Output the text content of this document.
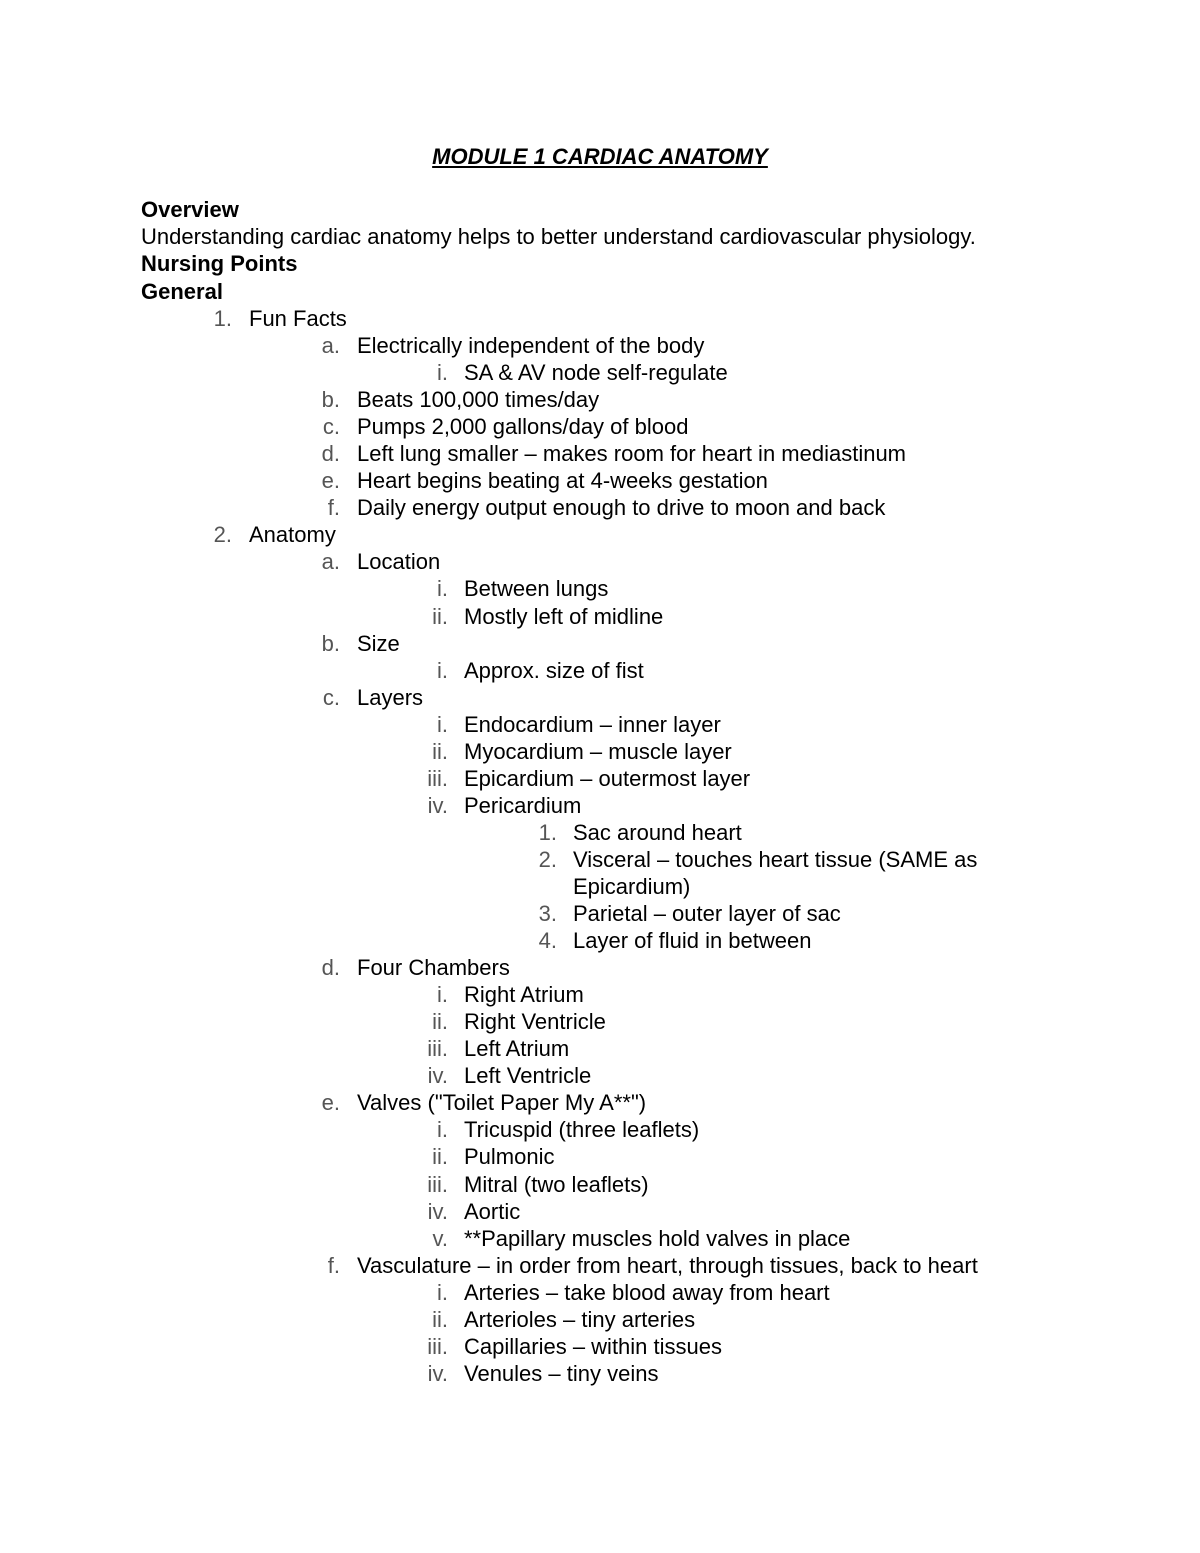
MODULE 1 CARDIAC ANATOMY
Overview
Understanding cardiac anatomy helps to better understand cardiovascular physiology.
Nursing Points
General
1. Fun Facts
a. Electrically independent of the body
i. SA & AV node self-regulate
b. Beats 100,000 times/day
c. Pumps 2,000 gallons/day of blood
d. Left lung smaller – makes room for heart in mediastinum
e. Heart begins beating at 4-weeks gestation
f. Daily energy output enough to drive to moon and back
2. Anatomy
a. Location
i. Between lungs
ii. Mostly left of midline
b. Size
i. Approx. size of fist
c. Layers
i. Endocardium – inner layer
ii. Myocardium – muscle layer
iii. Epicardium – outermost layer
iv. Pericardium
1. Sac around heart
2. Visceral – touches heart tissue (SAME as
Epicardium)
3. Parietal – outer layer of sac
4. Layer of fluid in between
d. Four Chambers
i. Right Atrium
ii. Right Ventricle
iii. Left Atrium
iv. Left Ventricle
e. Valves ("Toilet Paper My A**")
i. Tricuspid (three leaflets)
ii. Pulmonic
iii. Mitral (two leaflets)
iv. Aortic
v. **Papillary muscles hold valves in place
f. Vasculature – in order from heart, through tissues, back to heart
i. Arteries – take blood away from heart
ii. Arterioles – tiny arteries
iii. Capillaries – within tissues
iv. Venules – tiny veins
